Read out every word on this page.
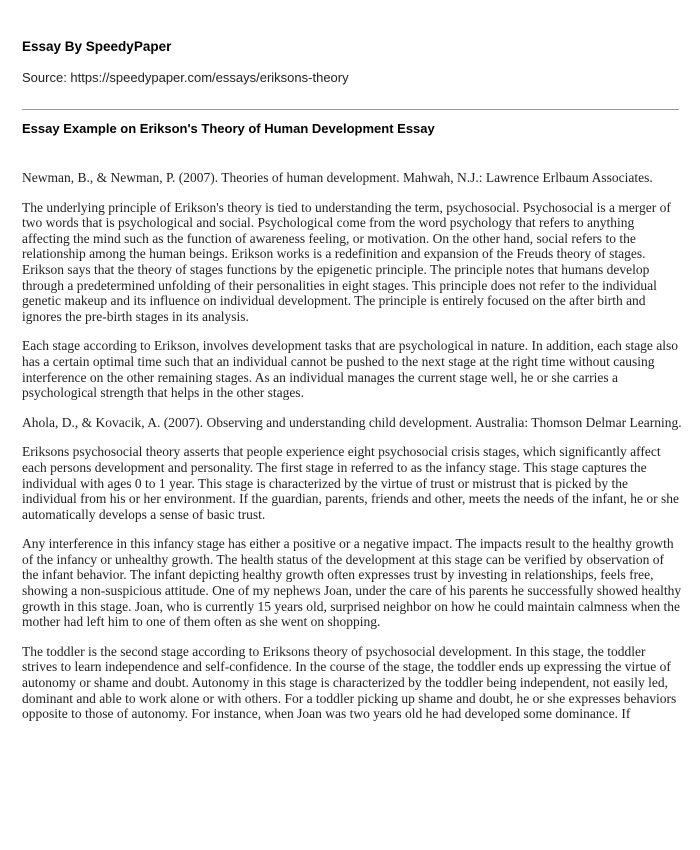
Essay By SpeedyPaper

Source: https://speedypaper.com/essays/eriksons-theory

Essay Example on Erikson's Theory of Human Development Essay

Newman, B., & Newman, P. (2007). Theories of human development. Mahwah, N.J.: Lawrence Erlbaum Associates.

The underlying principle of Erikson's theory is tied to understanding the term, psychosocial. Psychosocial is a merger of two words that is psychological and social. Psychological come from the word psychology that refers to anything affecting the mind such as the function of awareness feeling, or motivation. On the other hand, social refers to the relationship among the human beings. Erikson works is a redefinition and expansion of the Freuds theory of stages. Erikson says that the theory of stages functions by the epigenetic principle. The principle notes that humans develop through a predetermined unfolding of their personalities in eight stages. This principle does not refer to the individual genetic makeup and its influence on individual development. The principle is entirely focused on the after birth and ignores the pre-birth stages in its analysis.

Each stage according to Erikson, involves development tasks that are psychological in nature. In addition, each stage also has a certain optimal time such that an individual cannot be pushed to the next stage at the right time without causing interference on the other remaining stages. As an individual manages the current stage well, he or she carries a psychological strength that helps in the other stages.

Ahola, D., & Kovacik, A. (2007). Observing and understanding child development. Australia: Thomson Delmar Learning.

Eriksons psychosocial theory asserts that people experience eight psychosocial crisis stages, which significantly affect each persons development and personality. The first stage in referred to as the infancy stage. This stage captures the individual with ages 0 to 1 year. This stage is characterized by the virtue of trust or mistrust that is picked by the individual from his or her environment. If the guardian, parents, friends and other, meets the needs of the infant, he or she automatically develops a sense of basic trust.

Any interference in this infancy stage has either a positive or a negative impact. The impacts result to the healthy growth of the infancy or unhealthy growth. The health status of the development at this stage can be verified by observation of the infant behavior. The infant depicting healthy growth often expresses trust by investing in relationships, feels free, showing a non-suspicious attitude. One of my nephews Joan, under the care of his parents he successfully showed healthy growth in this stage. Joan, who is currently 15 years old, surprised neighbor on how he could maintain calmness when the mother had left him to one of them often as she went on shopping.

The toddler is the second stage according to Eriksons theory of psychosocial development. In this stage, the toddler strives to learn independence and self-confidence. In the course of the stage, the toddler ends up expressing the virtue of autonomy or shame and doubt. Autonomy in this stage is characterized by the toddler being independent, not easily led, dominant and able to work alone or with others. For a toddler picking up shame and doubt, he or she expresses behaviors opposite to those of autonomy. For instance, when Joan was two years old he had developed some dominance. If
